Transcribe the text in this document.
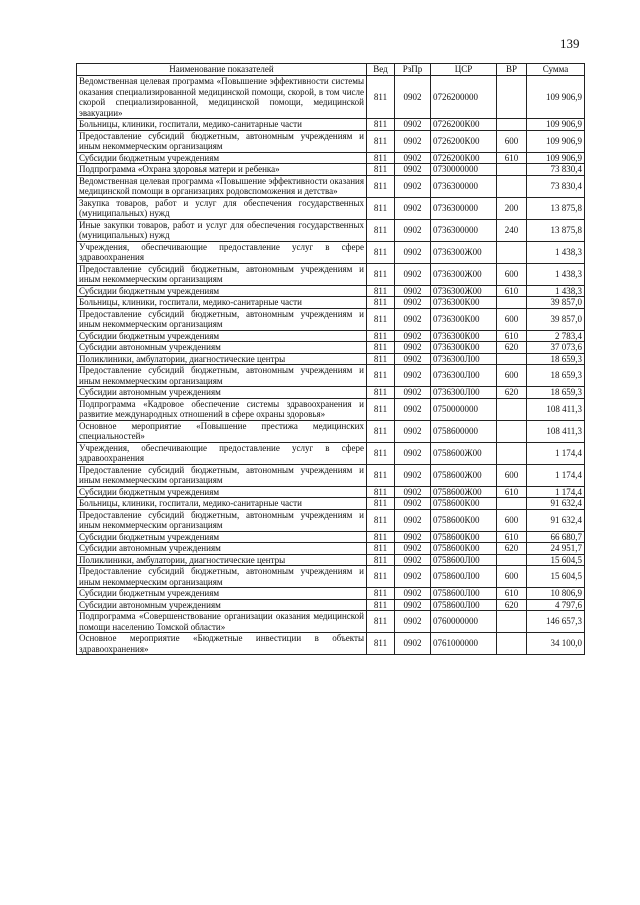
139
Наименование показателей	Вед	РзПр	ЦСР	ВР	Сумма
Ведомственная целевая программа «Повышение эффективности системы оказания специализированной медицинской помощи, скорой, в том числе скорой специализированной, медицинской помощи, медицинской эвакуации»	811	0902	0726200000		109 906,9
Больницы, клиники, госпитали, медико-санитарные части	811	0902	0726200К00		109 906,9
Предоставление субсидий бюджетным, автономным учреждениям и иным некоммерческим организациям	811	0902	0726200К00	600	109 906,9
Субсидии бюджетным учреждениям	811	0902	0726200К00	610	109 906,9
Подпрограмма «Охрана здоровья матери и ребенка»	811	0902	0730000000		73 830,4
Ведомственная целевая программа «Повышение эффективности оказания медицинской помощи в организациях родовспоможения и детства»	811	0902	0736300000		73 830,4
Закупка товаров, работ и услуг для обеспечения государственных (муниципальных) нужд	811	0902	0736300000	200	13 875,8
Иные закупки товаров, работ и услуг для обеспечения государственных (муниципальных) нужд	811	0902	0736300000	240	13 875,8
Учреждения, обеспечивающие предоставление услуг в сфере здравоохранения	811	0902	0736300Ж00		1 438,3
Предоставление субсидий бюджетным, автономным учреждениям и иным некоммерческим организациям	811	0902	0736300Ж00	600	1 438,3
Субсидии бюджетным учреждениям	811	0902	0736300Ж00	610	1 438,3
Больницы, клиники, госпитали, медико-санитарные части	811	0902	0736300К00		39 857,0
Предоставление субсидий бюджетным, автономным учреждениям и иным некоммерческим организациям	811	0902	0736300К00	600	39 857,0
Субсидии бюджетным учреждениям	811	0902	0736300К00	610	2 783,4
Субсидии автономным учреждениям	811	0902	0736300К00	620	37 073,6
Поликлиники, амбулатории, диагностические центры	811	0902	0736300Л00		18 659,3
Предоставление субсидий бюджетным, автономным учреждениям и иным некоммерческим организациям	811	0902	0736300Л00	600	18 659,3
Субсидии автономным учреждениям	811	0902	0736300Л00	620	18 659,3
Подпрограмма «Кадровое обеспечение системы здравоохранения и развитие международных отношений в сфере охраны здоровья»	811	0902	0750000000		108 411,3
Основное мероприятие «Повышение престижа медицинских специальностей»	811	0902	0758600000		108 411,3
Учреждения, обеспечивающие предоставление услуг в сфере здравоохранения	811	0902	0758600Ж00		1 174,4
Предоставление субсидий бюджетным, автономным учреждениям и иным некоммерческим организациям	811	0902	0758600Ж00	600	1 174,4
Субсидии бюджетным учреждениям	811	0902	0758600Ж00	610	1 174,4
Больницы, клиники, госпитали, медико-санитарные части	811	0902	0758600К00		91 632,4
Предоставление субсидий бюджетным, автономным учреждениям и иным некоммерческим организациям	811	0902	0758600К00	600	91 632,4
Субсидии бюджетным учреждениям	811	0902	0758600К00	610	66 680,7
Субсидии автономным учреждениям	811	0902	0758600К00	620	24 951,7
Поликлиники, амбулатории, диагностические центры	811	0902	0758600Л00		15 604,5
Предоставление субсидий бюджетным, автономным учреждениям и иным некоммерческим организациям	811	0902	0758600Л00	600	15 604,5
Субсидии бюджетным учреждениям	811	0902	0758600Л00	610	10 806,9
Субсидии автономным учреждениям	811	0902	0758600Л00	620	4 797,6
Подпрограмма «Совершенствование организации оказания медицинской помощи населению Томской области»	811	0902	0760000000		146 657,3
Основное мероприятие «Бюджетные инвестиции в объекты здравоохранения»	811	0902	0761000000		34 100,0
